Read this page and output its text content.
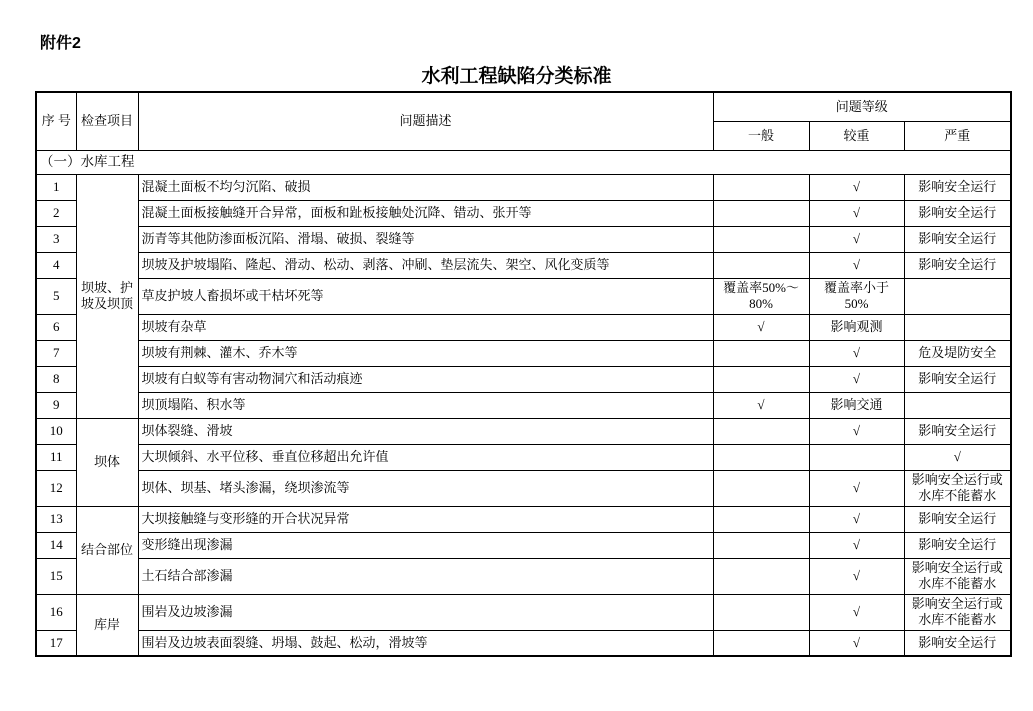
附件2
水利工程缺陷分类标准
序 号	检查项目	问题描述	问题等级		
			一般	较重	严重
（一）水库工程					
1	坝坡、护坡及坝顶	混凝土面板不均匀沉陷、破损		√	影响安全运行
2		混凝土面板接触缝开合异常，面板和趾板接触处沉降、错动、张开等		√	影响安全运行
3		沥青等其他防渗面板沉陷、滑塌、破损、裂缝等		√	影响安全运行
4		坝坡及护坡塌陷、隆起、滑动、松动、剥落、冲刷、垫层流失、架空、风化变质等		√	影响安全运行
5		草皮护坡人畜损坏或干枯坏死等	覆盖率50%～80%	覆盖率小于50%	
6		坝坡有杂草	√	影响观测	
7		坝坡有荆棘、灌木、乔木等		√	危及堤防安全
8		坝坡有白蚁等有害动物洞穴和活动痕迹		√	影响安全运行
9		坝顶塌陷、积水等	√	影响交通	
10	坝体	坝体裂缝、滑坡		√	影响安全运行
11		大坝倾斜、水平位移、垂直位移超出允许值			√
12		坝体、坝基、堵头渗漏，绕坝渗流等		√	影响安全运行或水库不能蓄水
13	结合部位	大坝接触缝与变形缝的开合状况异常		√	影响安全运行
14		变形缝出现渗漏		√	影响安全运行
15		土石结合部渗漏		√	影响安全运行或水库不能蓄水
16	库岸	围岩及边坡渗漏		√	影响安全运行或水库不能蓄水
17		围岩及边坡表面裂缝、坍塌、鼓起、松动，滑坡等		√	影响安全运行
